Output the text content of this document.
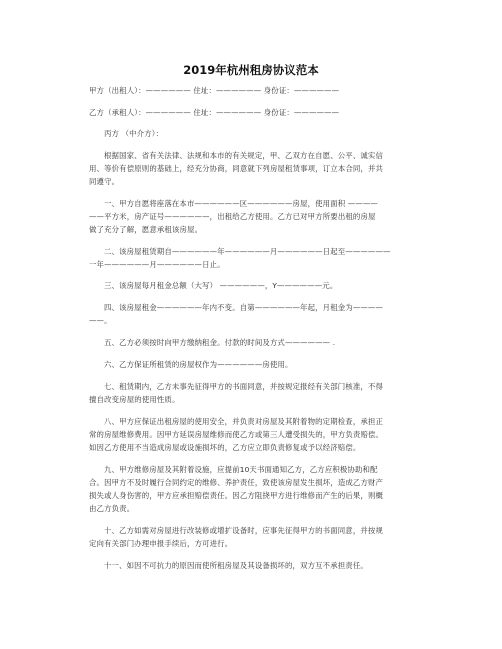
2019年杭州租房协议范本
甲方（出租人）：—————— 住址：—————— 身份证：——————
乙方（承租人）：—————— 住址：—————— 身份证：——————
丙方 （中介方）：
根据国家、省有关法律、法规和本市的有关规定，甲、乙双方在自愿、公平、诚实信
用、等价有偿原则的基础上，经充分协商，同意就下列房屋租赁事项，订立本合同，并共
同遵守。
一、甲方自愿将座落在本市——————区——————房屋，使用面积 ————
——平方米，房产证号——————，出租给乙方使用。乙方已对甲方所要出租的房屋
做了充分了解，愿意承租该房屋。
二、该房屋租赁期自——————年——————月——————日起至——————
一年——————月——————日止。
三、该房屋每月租金总额（大写） ——————，Y——————元。
四、该房屋租金——————年内不变。自第——————年起，月租金为————
——。
五、乙方必须按时向甲方缴纳租金。付款的时间及方式—————— .
六、乙方保证所租赁的房屋权作为——————房使用。
七、租赁期内，乙方未事先征得甲方的书面同意，并按规定报经有关部门核准，不得
擅自改变房屋的使用性质。
八、甲方应保证出租房屋的使用安全，并负责对房屋及其附着物的定期检查，承担正
常的房屋维修费用。因甲方延误房屋维修而使乙方或第三人遭受损失的，甲方负责赔偿。
如因乙方使用不当造成房屋或设施损坏的，乙方应立即负责修复或予以经济赔偿。
九、甲方维修房屋及其附着设施，应提前10天书面通知乙方，乙方应积极协助和配
合。因甲方不及时履行合同约定的维修、养护责任，致使该房屋发生损坏，造成乙方财产
损失或人身伤害的，甲方应承担赔偿责任。因乙方阻挠甲方进行维修而产生的后果，则概
由乙方负责。
十、乙方如需对房屋进行改装修或增扩设备时，应事先征得甲方的书面同意，并按规
定向有关部门办理申报手续后，方可进行。
十一、如因不可抗力的原因而使所租房屋及其设备损坏的，双方互不承担责任。
